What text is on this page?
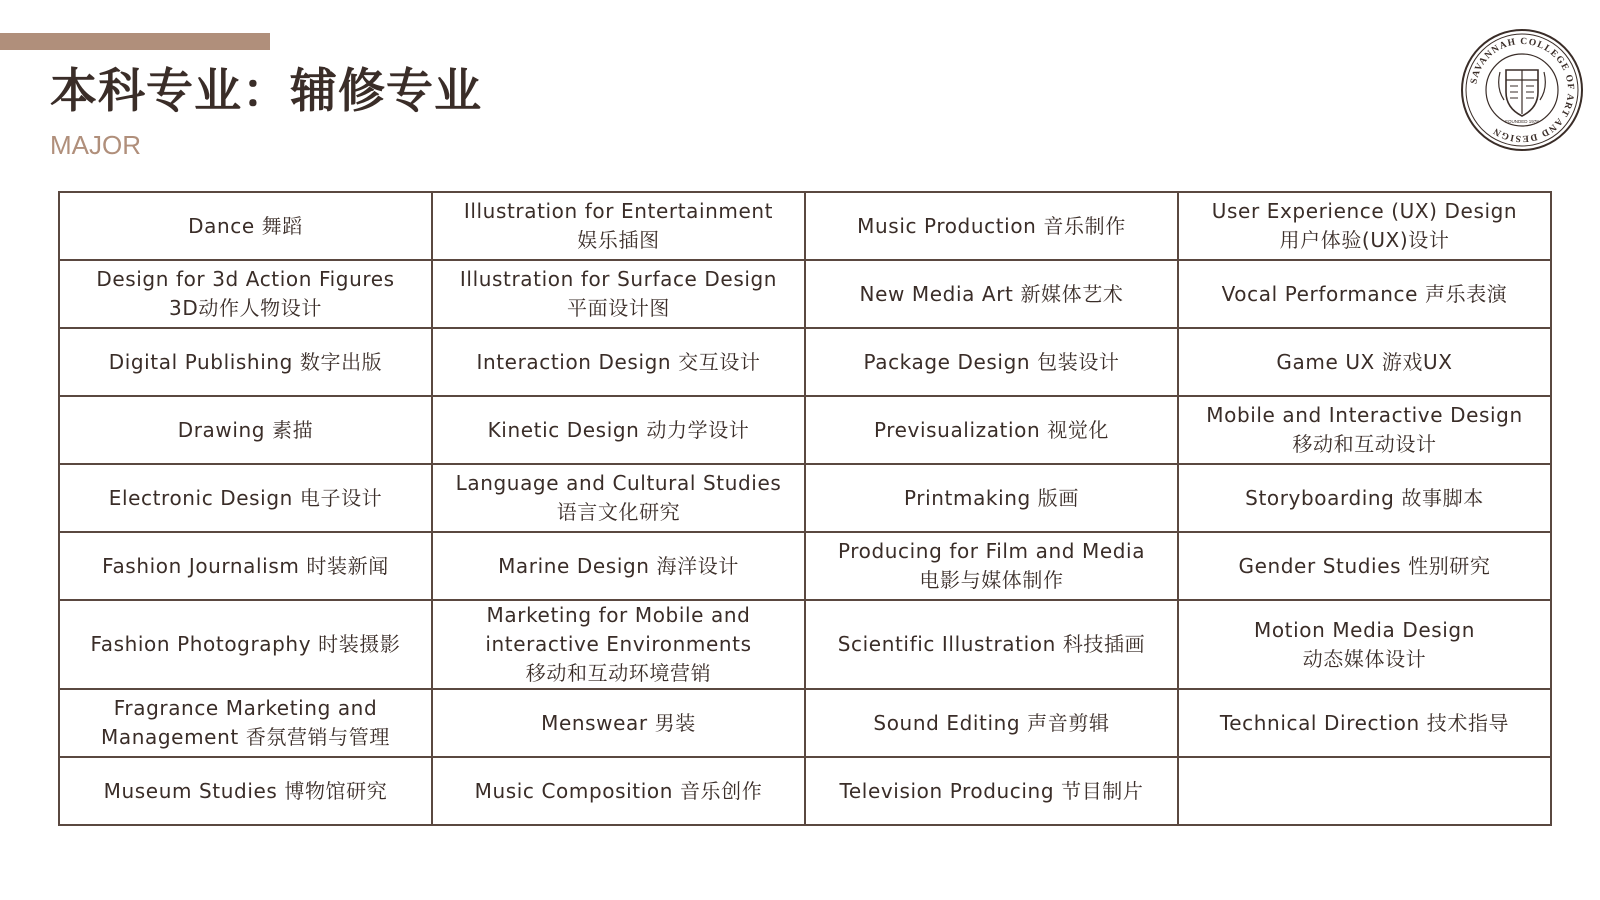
本科专业：辅修专业
MAJOR
SAVANNAH COLLEGE OF ART AND DESIGN
FOUNDED 1978
Dance 舞蹈	Illustration for Entertainment
娱乐插图	Music Production 音乐制作	User Experience (UX) Design
用户体验(UX)设计

Design for 3d Action Figures
3D动作人物设计	Illustration for Surface Design
平面设计图	New Media Art 新媒体艺术	Vocal Performance 声乐表演

Digital Publishing 数字出版	Interaction Design 交互设计	Package Design 包装设计	Game UX 游戏UX

Drawing 素描	Kinetic Design 动力学设计	Previsualization 视觉化	Mobile and Interactive Design
移动和互动设计

Electronic Design 电子设计	Language and Cultural Studies
语言文化研究	Printmaking 版画	Storyboarding 故事脚本

Fashion Journalism 时装新闻	Marine Design 海洋设计	Producing for Film and Media
电影与媒体制作	Gender Studies 性别研究

Fashion Photography 时装摄影	Marketing for Mobile and
interactive Environments
移动和互动环境营销	Scientific Illustration 科技插画	Motion Media Design
动态媒体设计

Fragrance Marketing and
Management 香氛营销与管理	Menswear 男装	Sound Editing 声音剪辑	Technical Direction 技术指导

Museum Studies 博物馆研究	Music Composition 音乐创作	Television Producing 节目制片	
